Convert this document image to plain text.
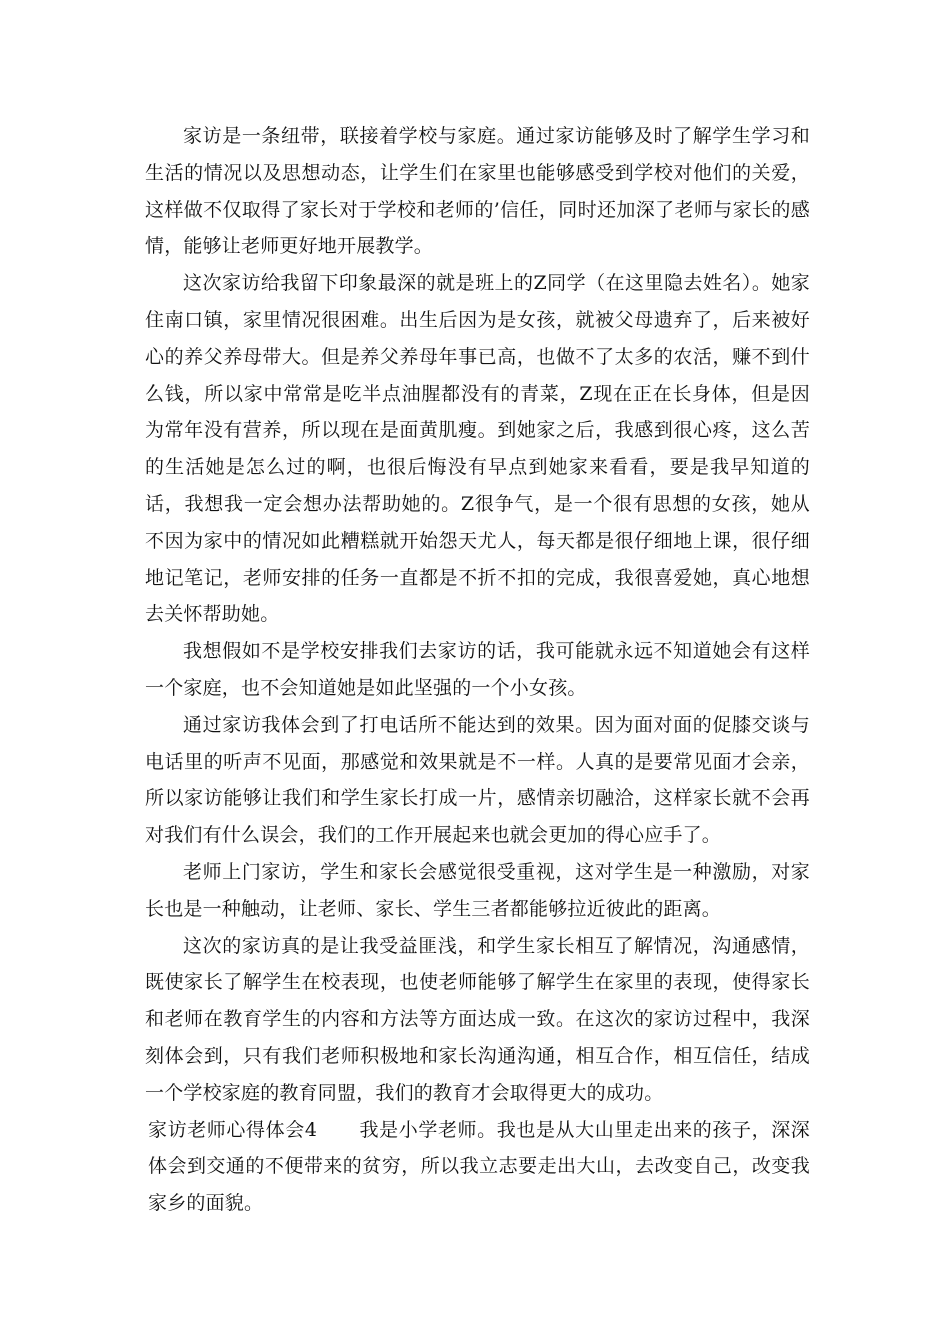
家访是一条纽带，联接着学校与家庭。通过家访能够及时了解学生学习和生活的情况以及思想动态，让学生们在家里也能够感受到学校对他们的关爱，这样做不仅取得了家长对于学校和老师的’信任，同时还加深了老师与家长的感情，能够让老师更好地开展教学。

这次家访给我留下印象最深的就是班上的Z同学（在这里隐去姓名）。她家住南口镇，家里情况很困难。出生后因为是女孩，就被父母遗弃了，后来被好心的养父养母带大。但是养父养母年事已高，也做不了太多的农活，赚不到什么钱，所以家中常常是吃半点油腥都没有的青菜，Z现在正在长身体，但是因为常年没有营养，所以现在是面黄肌瘦。到她家之后，我感到很心疼，这么苦的生活她是怎么过的啊，也很后悔没有早点到她家来看看，要是我早知道的话，我想我一定会想办法帮助她的。Z很争气，是一个很有思想的女孩，她从不因为家中的情况如此糟糕就开始怨天尤人，每天都是很仔细地上课，很仔细地记笔记，老师安排的任务一直都是不折不扣的完成，我很喜爱她，真心地想去关怀帮助她。

我想假如不是学校安排我们去家访的话，我可能就永远不知道她会有这样一个家庭，也不会知道她是如此坚强的一个小女孩。

通过家访我体会到了打电话所不能达到的效果。因为面对面的促膝交谈与电话里的听声不见面，那感觉和效果就是不一样。人真的是要常见面才会亲，所以家访能够让我们和学生家长打成一片，感情亲切融洽，这样家长就不会再对我们有什么误会，我们的工作开展起来也就会更加的得心应手了。

老师上门家访，学生和家长会感觉很受重视，这对学生是一种激励，对家长也是一种触动，让老师、家长、学生三者都能够拉近彼此的距离。

这次的家访真的是让我受益匪浅，和学生家长相互了解情况，沟通感情，既使家长了解学生在校表现，也使老师能够了解学生在家里的表现，使得家长和老师在教育学生的内容和方法等方面达成一致。在这次的家访过程中，我深刻体会到，只有我们老师积极地和家长沟通沟通，相互合作，相互信任，结成一个学校家庭的教育同盟，我们的教育才会取得更大的成功。

家访老师心得体会4 我是小学老师。我也是从大山里走出来的孩子，深深体会到交通的不便带来的贫穷，所以我立志要走出大山，去改变自己，改变我家乡的面貌。
